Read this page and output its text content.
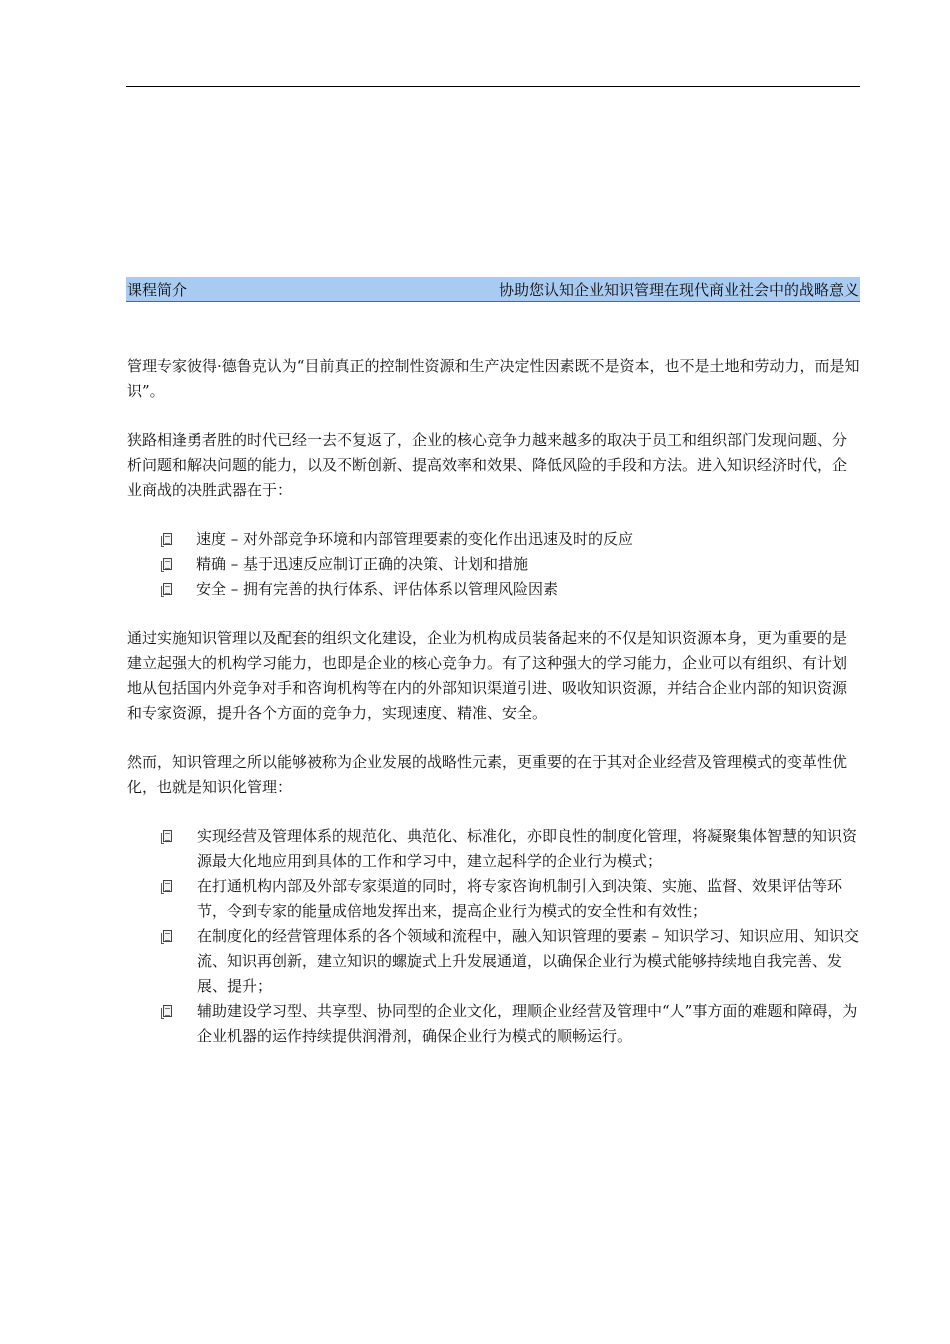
课程简介	协助您认知企业知识管理在现代商业社会中的战略意义

管理专家彼得·德鲁克认为“目前真正的控制性资源和生产决定性因素既不是资本，也不是土地和劳动力，而是知识”。

狭路相逢勇者胜的时代已经一去不复返了，企业的核心竞争力越来越多的取决于员工和组织部门发现问题、分析问题和解决问题的能力，以及不断创新、提高效率和效果、降低风险的手段和方法。进入知识经济时代，企业商战的决胜武器在于：

速度 – 对外部竞争环境和内部管理要素的变化作出迅速及时的反应
精确 – 基于迅速反应制订正确的决策、计划和措施
安全 – 拥有完善的执行体系、评估体系以管理风险因素

通过实施知识管理以及配套的组织文化建设，企业为机构成员装备起来的不仅是知识资源本身，更为重要的是建立起强大的机构学习能力，也即是企业的核心竞争力。有了这种强大的学习能力，企业可以有组织、有计划地从包括国内外竞争对手和咨询机构等在内的外部知识渠道引进、吸收知识资源，并结合企业内部的知识资源和专家资源，提升各个方面的竞争力，实现速度、精准、安全。

然而，知识管理之所以能够被称为企业发展的战略性元素，更重要的在于其对企业经营及管理模式的变革性优化，也就是知识化管理：

实现经营及管理体系的规范化、典范化、标准化，亦即良性的制度化管理，将凝聚集体智慧的知识资源最大化地应用到具体的工作和学习中，建立起科学的企业行为模式；
在打通机构内部及外部专家渠道的同时，将专家咨询机制引入到决策、实施、监督、效果评估等环节，令到专家的能量成倍地发挥出来，提高企业行为模式的安全性和有效性；
在制度化的经营管理体系的各个领域和流程中，融入知识管理的要素 – 知识学习、知识应用、知识交流、知识再创新，建立知识的螺旋式上升发展通道，以确保企业行为模式能够持续地自我完善、发展、提升；
辅助建设学习型、共享型、协同型的企业文化，理顺企业经营及管理中“人”事方面的难题和障碍，为企业机器的运作持续提供润滑剂，确保企业行为模式的顺畅运行。
